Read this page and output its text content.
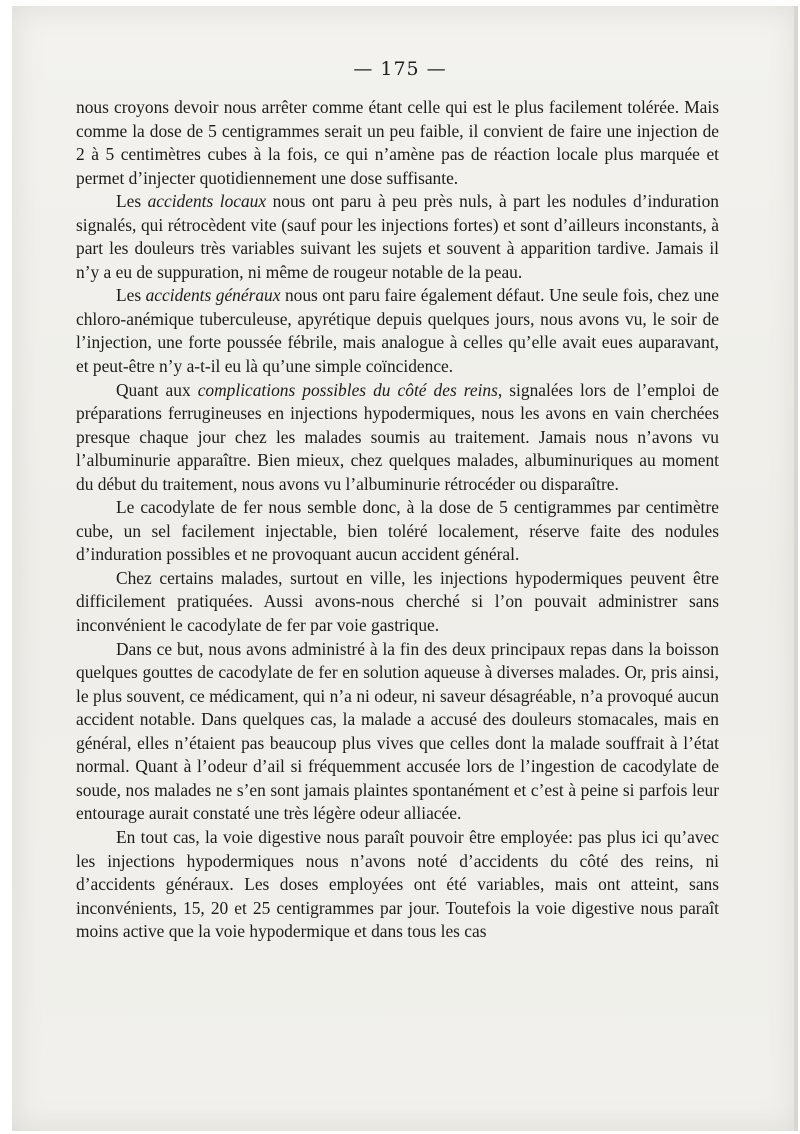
— 175 —

nous croyons devoir nous arrêter comme étant celle qui est le plus facilement tolérée. Mais comme la dose de 5 centigrammes serait un peu faible, il convient de faire une injection de 2 à 5 centimètres cubes à la fois, ce qui n’amène pas de réaction locale plus marquée et permet d’injecter quotidiennement une dose suffisante.

Les accidents locaux nous ont paru à peu près nuls, à part les nodules d’induration signalés, qui rétrocèdent vite (sauf pour les injections fortes) et sont d’ailleurs inconstants, à part les douleurs très variables suivant les sujets et souvent à apparition tardive. Jamais il n’y a eu de suppuration, ni même de rougeur notable de la peau.

Les accidents généraux nous ont paru faire également défaut. Une seule fois, chez une chloro-anémique tuberculeuse, apyrétique depuis quelques jours, nous avons vu, le soir de l’injection, une forte poussée fébrile, mais analogue à celles qu’elle avait eues auparavant, et peut-être n’y a-t-il eu là qu’une simple coïncidence.

Quant aux complications possibles du côté des reins, signalées lors de l’emploi de préparations ferrugineuses en injections hypodermiques, nous les avons en vain cherchées presque chaque jour chez les malades soumis au traitement. Jamais nous n’avons vu l’albuminurie apparaître. Bien mieux, chez quelques malades, albuminuriques au moment du début du traitement, nous avons vu l’albuminurie rétrocéder ou disparaître.

Le cacodylate de fer nous semble donc, à la dose de 5 centigrammes par centimètre cube, un sel facilement injectable, bien toléré localement, réserve faite des nodules d’induration possibles et ne provoquant aucun accident général.

Chez certains malades, surtout en ville, les injections hypodermiques peuvent être difficilement pratiquées. Aussi avons-nous cherché si l’on pouvait administrer sans inconvénient le cacodylate de fer par voie gastrique.

Dans ce but, nous avons administré à la fin des deux principaux repas dans la boisson quelques gouttes de cacodylate de fer en solution aqueuse à diverses malades. Or, pris ainsi, le plus souvent, ce médicament, qui n’a ni odeur, ni saveur désagréable, n’a provoqué aucun accident notable. Dans quelques cas, la malade a accusé des douleurs stomacales, mais en général, elles n’étaient pas beaucoup plus vives que celles dont la malade souffrait à l’état normal. Quant à l’odeur d’ail si fréquemment accusée lors de l’ingestion de cacodylate de soude, nos malades ne s’en sont jamais plaintes spontanément et c’est à peine si parfois leur entourage aurait constaté une très légère odeur alliacée.

En tout cas, la voie digestive nous paraît pouvoir être employée: pas plus ici qu’avec les injections hypodermiques nous n’avons noté d’accidents du côté des reins, ni d’accidents généraux. Les doses employées ont été variables, mais ont atteint, sans inconvénients, 15, 20 et 25 centigrammes par jour. Toutefois la voie digestive nous paraît moins active que la voie hypodermique et dans tous les cas
